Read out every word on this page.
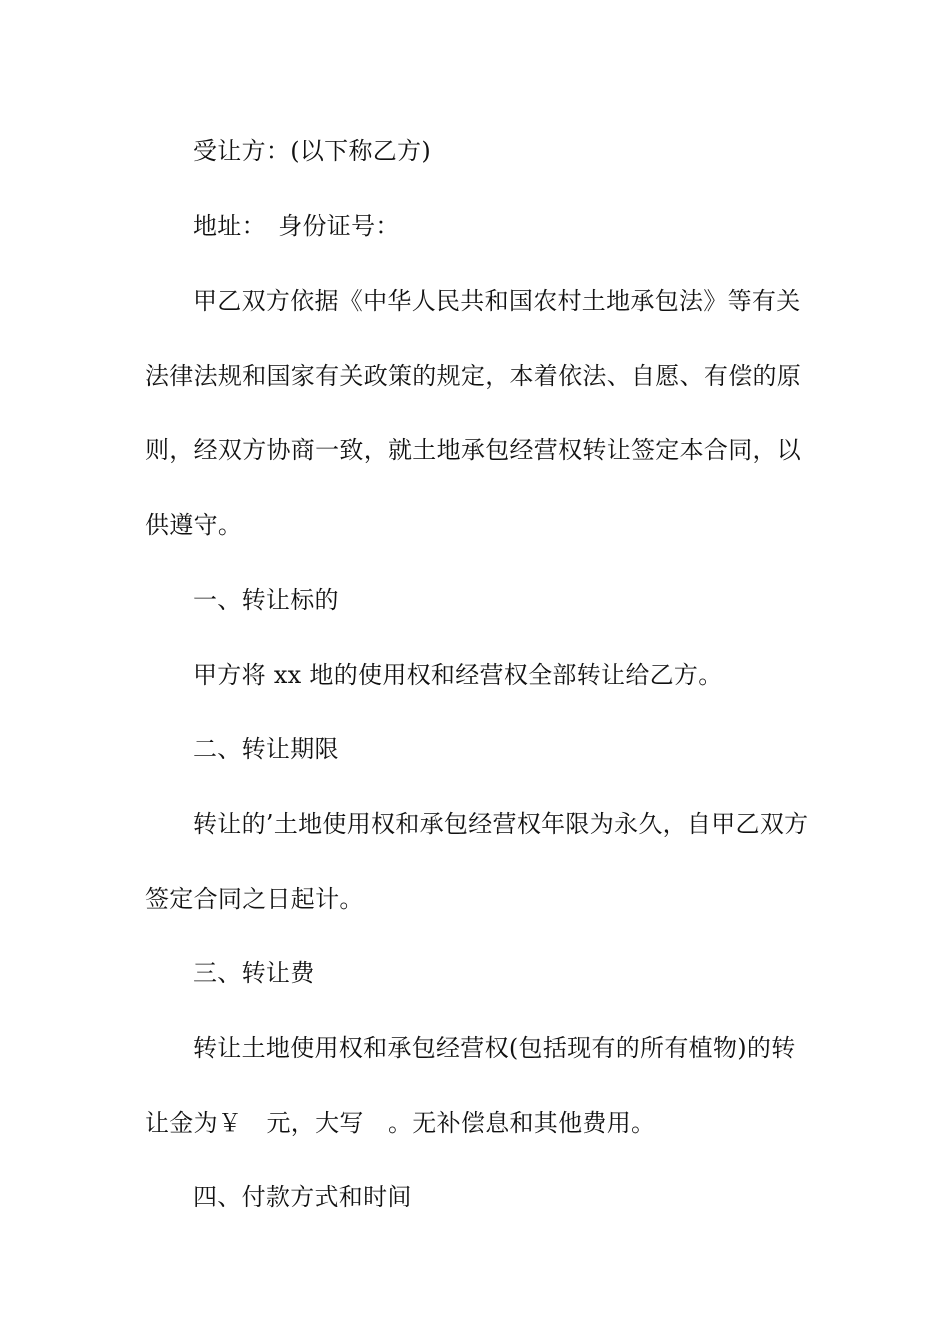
受让方：(以下称乙方)
地址：　身份证号：
甲乙双方依据《中华人民共和国农村土地承包法》等有关
法律法规和国家有关政策的规定，本着依法、自愿、有偿的原
则，经双方协商一致，就土地承包经营权转让签定本合同，以
供遵守。
一、转让标的
甲方将 xx 地的使用权和经营权全部转让给乙方。
二、转让期限
转让的’土地使用权和承包经营权年限为永久，自甲乙双方
签定合同之日起计。
三、转让费
转让土地使用权和承包经营权(包括现有的所有植物)的转
让金为￥　元，大写　。无补偿息和其他费用。
四、付款方式和时间
